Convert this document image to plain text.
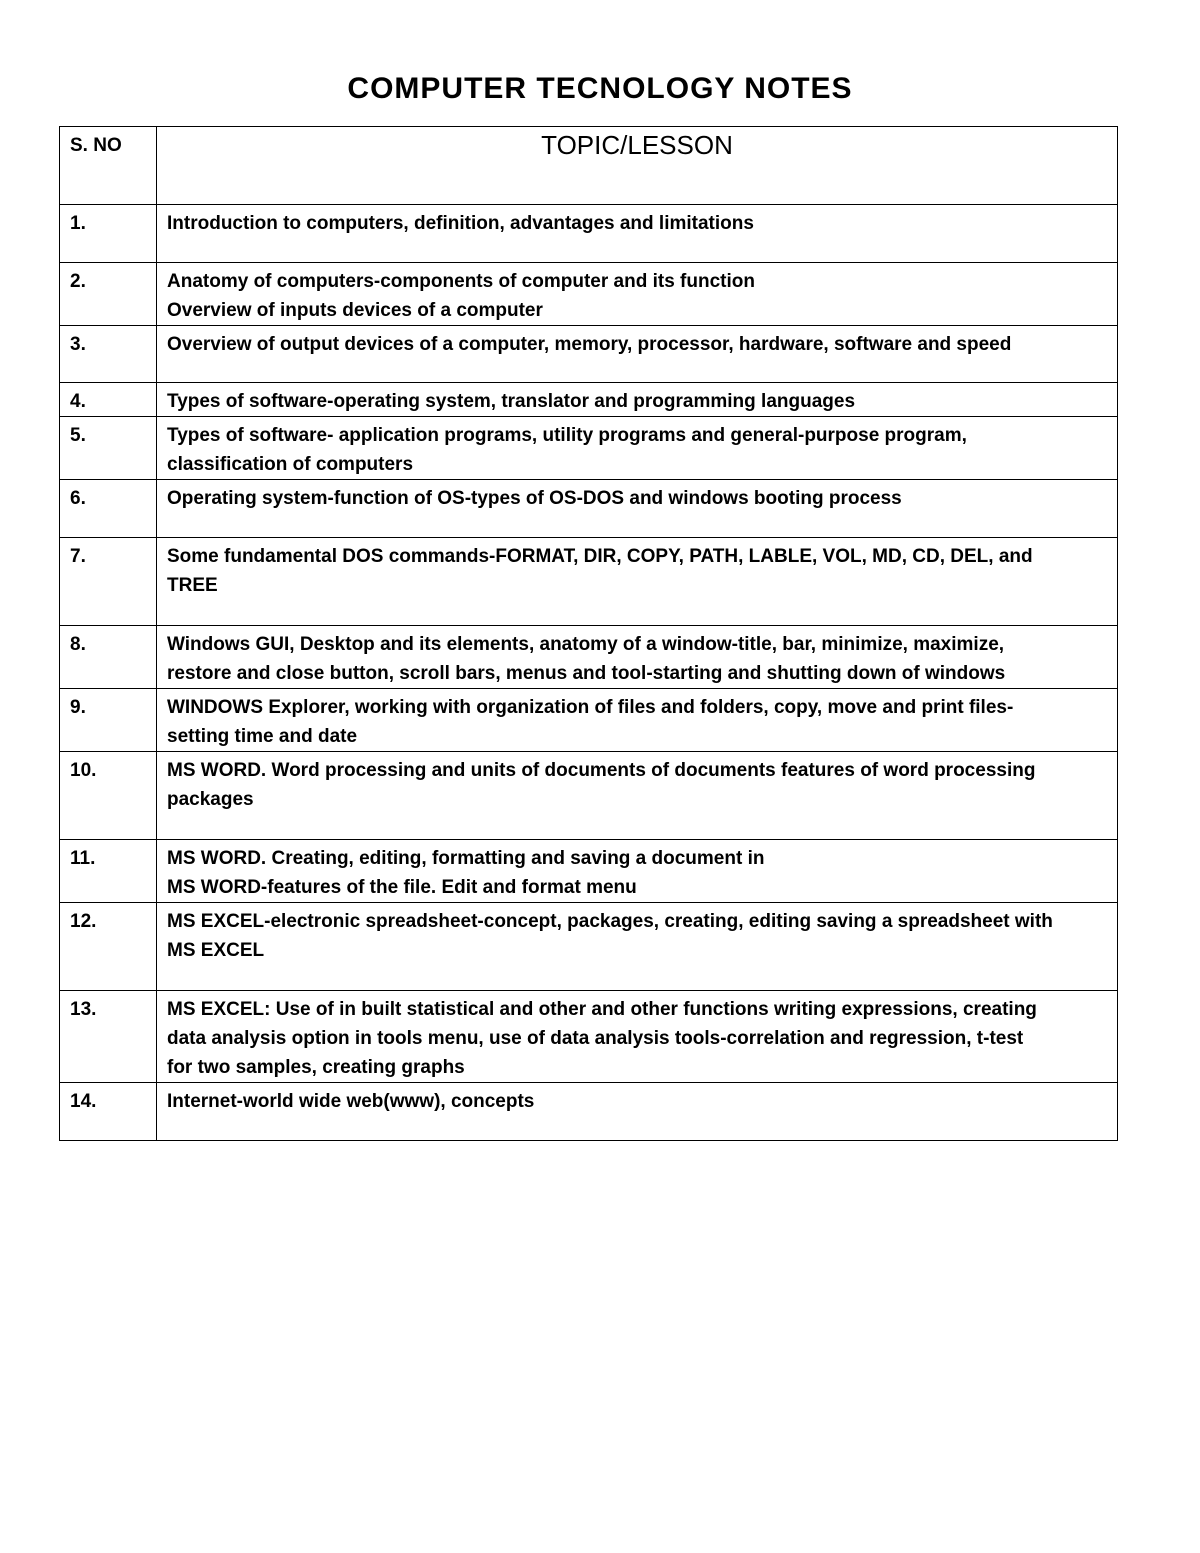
COMPUTER TECNOLOGY NOTES
S. NO	TOPIC/LESSON
1.	Introduction to computers, definition, advantages and limitations

2.	Anatomy of computers-components of computer and its function
Overview of inputs devices of a computer

3.	Overview of output devices of a computer, memory, processor, hardware, software and speed

4.	Types of software-operating system, translator and programming languages

5.	Types of software- application programs, utility programs and general-purpose program,
classification of computers

6.	Operating system-function of OS-types of OS-DOS and windows booting process

7.	Some fundamental DOS commands-FORMAT, DIR, COPY, PATH, LABLE, VOL, MD, CD, DEL, and
TREE

8.	Windows GUI, Desktop and its elements, anatomy of a window-title, bar, minimize, maximize,
restore and close button, scroll bars, menus and tool-starting and shutting down of windows

9.	WINDOWS Explorer, working with organization of files and folders, copy, move and print files-
setting time and date

10.	MS WORD. Word processing and units of documents of documents features of word processing
packages

11.	MS WORD. Creating, editing, formatting and saving a document in
MS WORD-features of the file. Edit and format menu

12.	MS EXCEL-electronic spreadsheet-concept, packages, creating, editing saving a spreadsheet with
MS EXCEL

13.	MS EXCEL: Use of in built statistical and other and other functions writing expressions, creating
data analysis option in tools menu, use of data analysis tools-correlation and regression, t-test
for two samples, creating graphs

14.	Internet-world wide web(www), concepts
